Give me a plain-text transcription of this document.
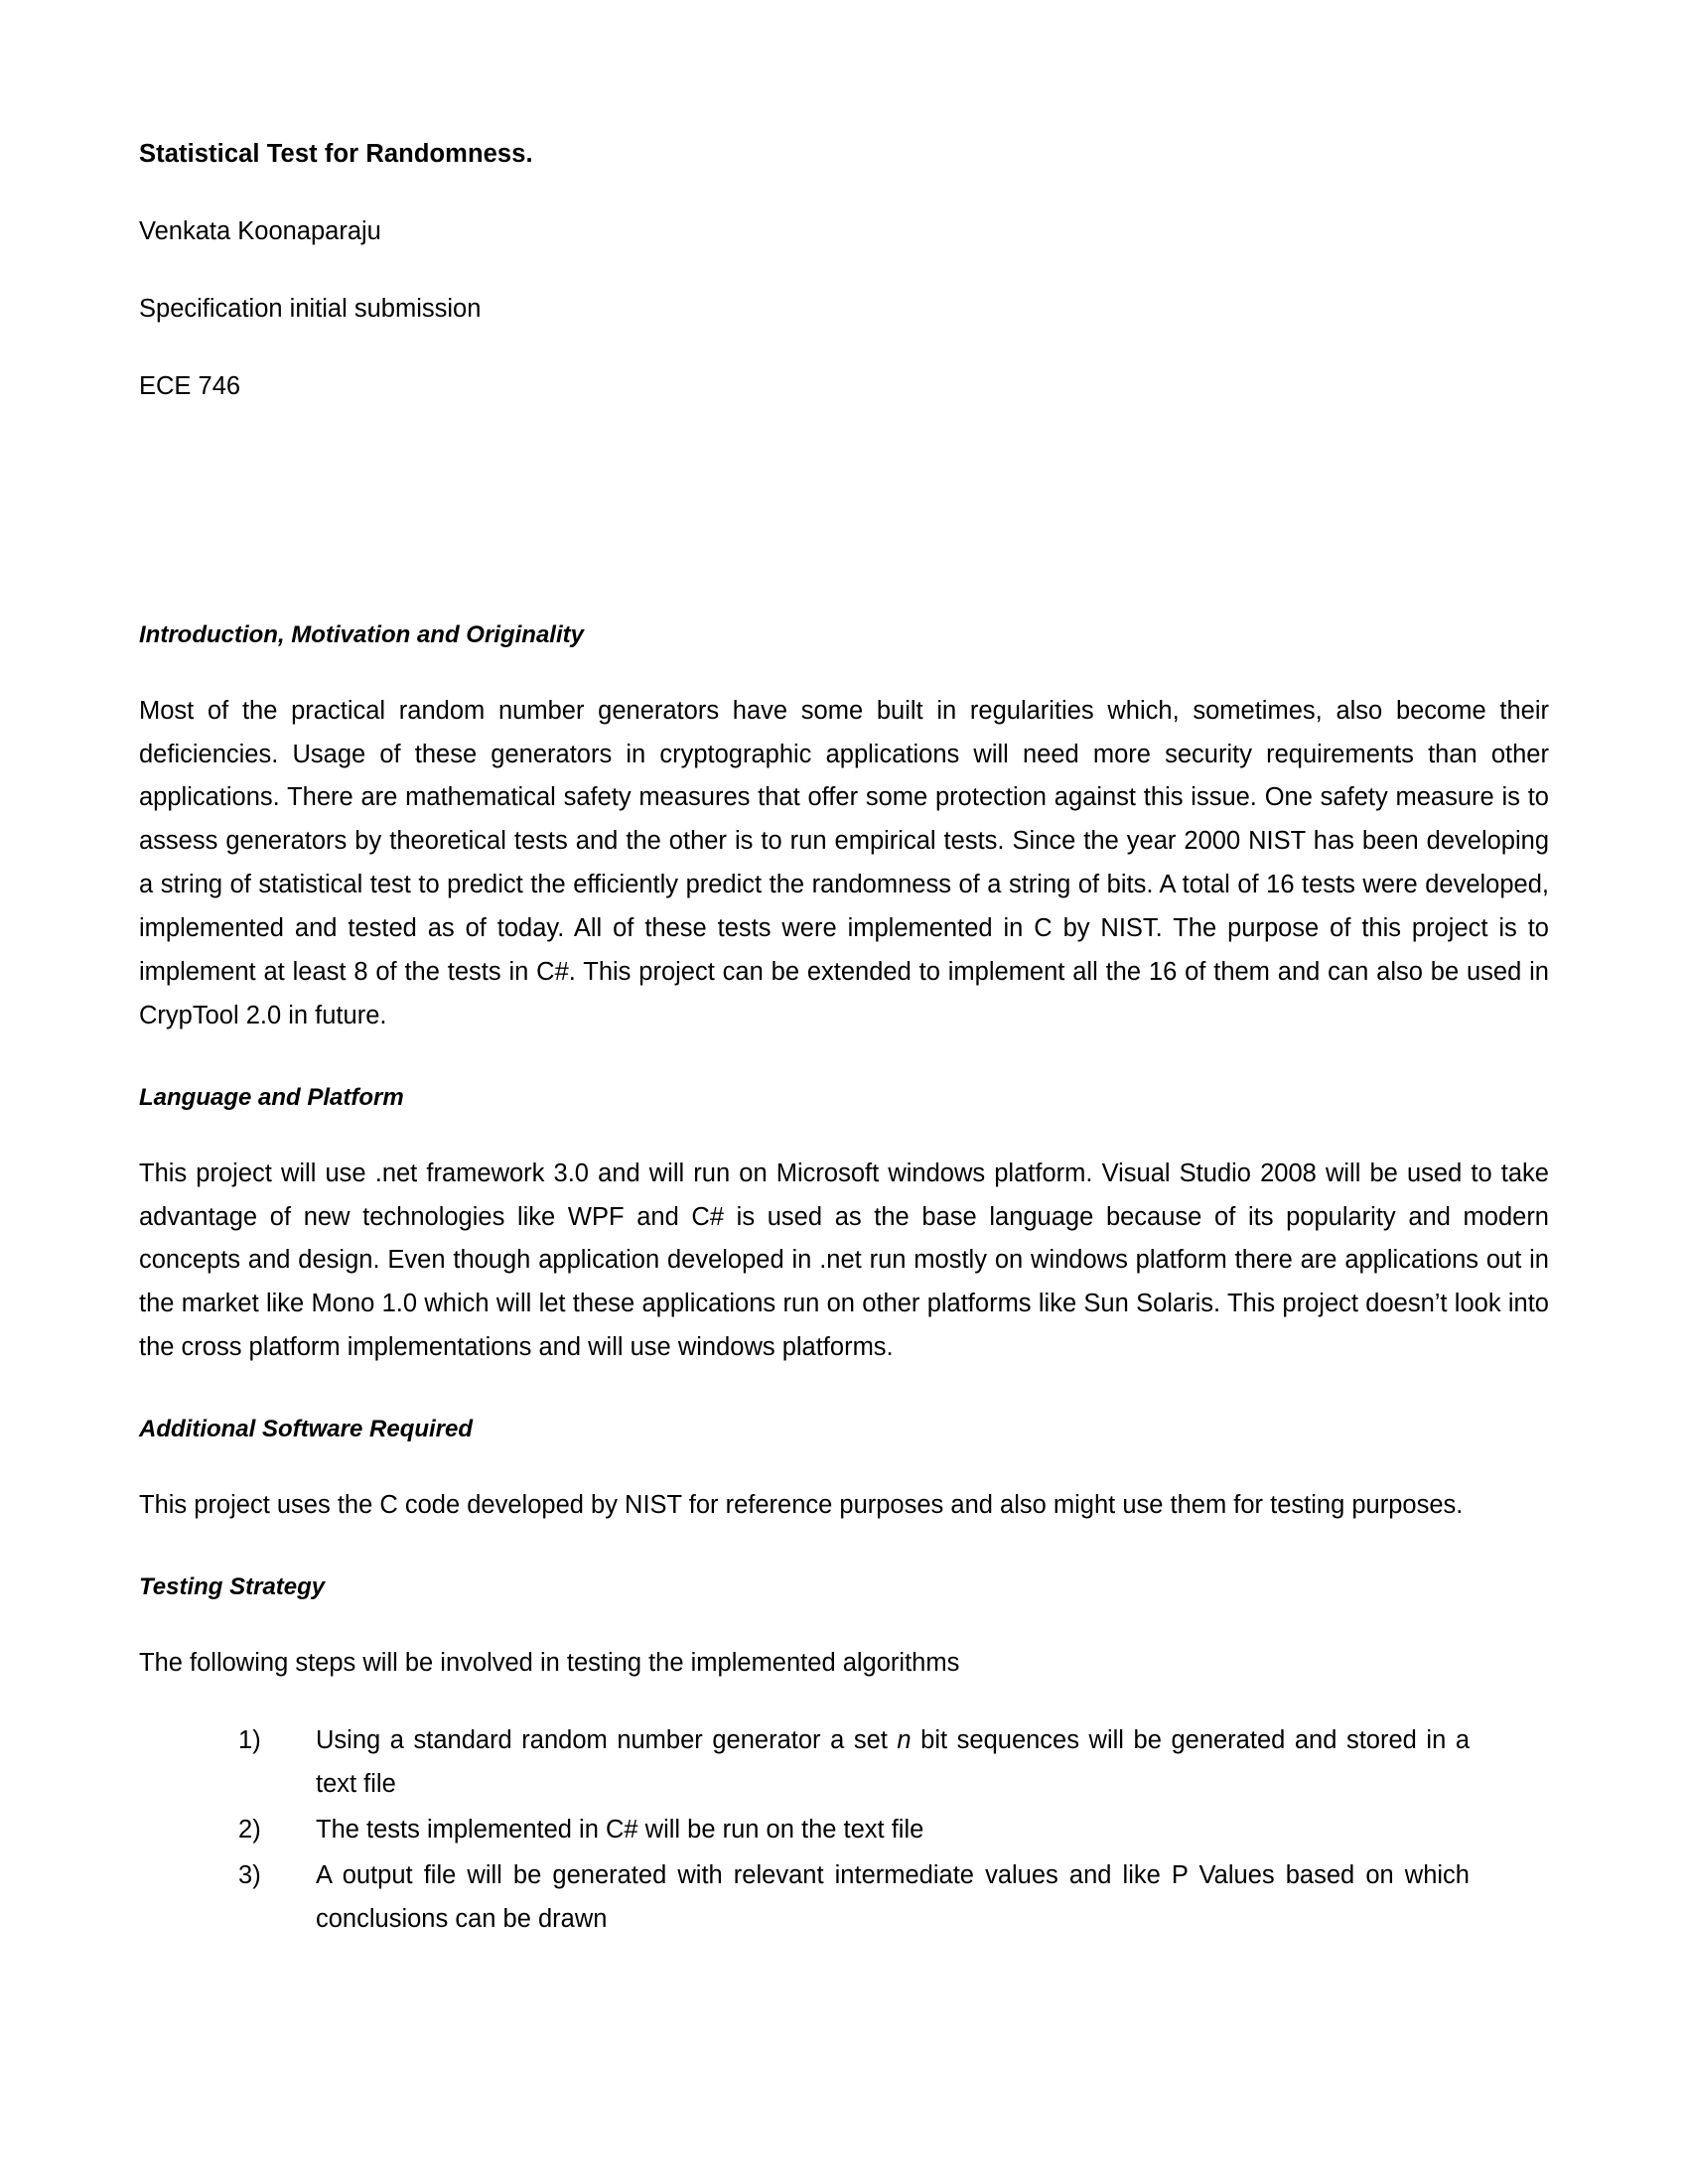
Statistical Test for Randomness.
Venkata Koonaparaju
Specification initial submission
ECE 746
Introduction, Motivation and Originality

Most of the practical random number generators have some built in regularities which, sometimes, also become their deficiencies. Usage of these generators in cryptographic applications will need more security requirements than other applications. There are mathematical safety measures that offer some protection against this issue. One safety measure is to assess generators by theoretical tests and the other is to run empirical tests. Since the year 2000 NIST has been developing a string of statistical test to predict the efficiently predict the randomness of a string of bits. A total of 16 tests were developed, implemented and tested as of today. All of these tests were implemented in C by NIST. The purpose of this project is to implement at least 8 of the tests in C#. This project can be extended to implement all the 16 of them and can also be used in CrypTool 2.0 in future.

Language and Platform

This project will use .net framework 3.0 and will run on Microsoft windows platform. Visual Studio 2008 will be used to take advantage of new technologies like WPF and C# is used as the base language because of its popularity and modern concepts and design. Even though application developed in .net run mostly on windows platform there are applications out in the market like Mono 1.0 which will let these applications run on other platforms like Sun Solaris. This project doesn’t look into the cross platform implementations and will use windows platforms.

Additional Software Required

This project uses the C code developed by NIST for reference purposes and also might use them for testing purposes.

Testing Strategy

The following steps will be involved in testing the implemented algorithms

Using a standard random number generator a set n bit sequences will be generated and stored in a text file
The tests implemented in C# will be run on the text file
A output file will be generated with relevant intermediate values and like P Values based on which conclusions can be drawn
